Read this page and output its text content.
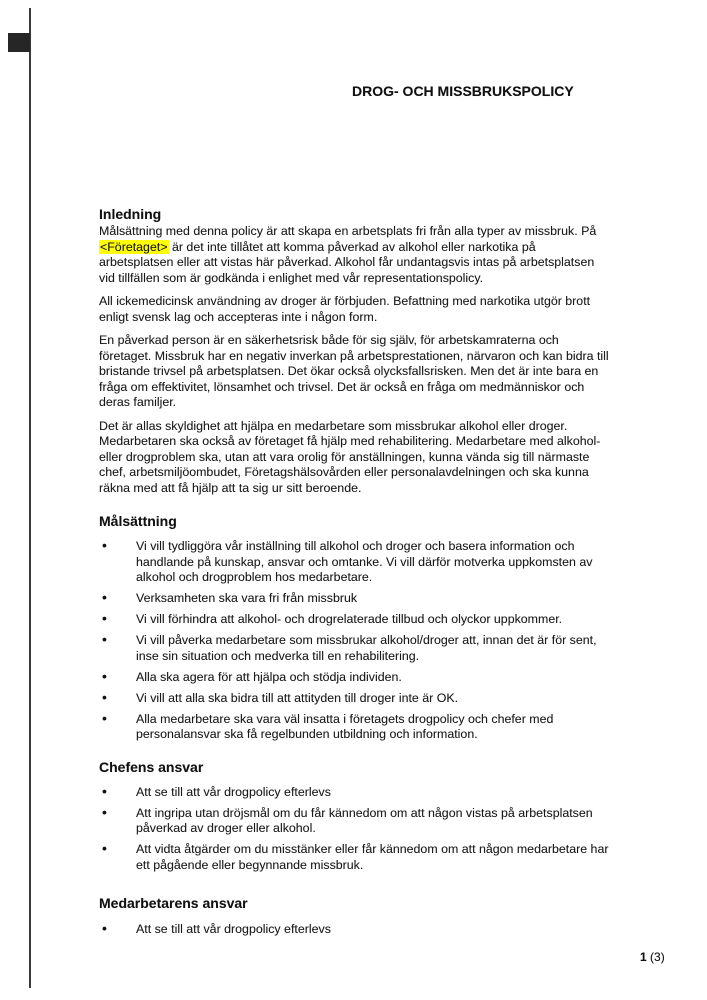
DROG- OCH MISSBRUKSPOLICY
Inledning

Målsättning med denna policy är att skapa en arbetsplats fri från alla typer av missbruk. På <Företaget> är det inte tillåtet att komma påverkad av alkohol eller narkotika på arbetsplatsen eller att vistas här påverkad. Alkohol får undantagsvis intas på arbetsplatsen vid tillfällen som är godkända i enlighet med vår representationspolicy.

All ickemedicinsk användning av droger är förbjuden. Befattning med narkotika utgör brott enligt svensk lag och accepteras inte i någon form.

En påverkad person är en säkerhetsrisk både för sig själv, för arbetskamraterna och företaget. Missbruk har en negativ inverkan på arbetsprestationen, närvaron och kan bidra till bristande trivsel på arbetsplatsen. Det ökar också olycksfallsrisken. Men det är inte bara en fråga om effektivitet, lönsamhet och trivsel. Det är också en fråga om medmänniskor och deras familjer.

Det är allas skyldighet att hjälpa en medarbetare som missbrukar alkohol eller droger. Medarbetaren ska också av företaget få hjälp med rehabilitering. Medarbetare med alkohol- eller drogproblem ska, utan att vara orolig för anställningen, kunna vända sig till närmaste chef, arbetsmiljöombudet, Företagshälsovården eller personalavdelningen och ska kunna räkna med att få hjälp att ta sig ur sitt beroende.

Målsättning
• Vi vill tydliggöra vår inställning till alkohol och droger och basera information och handlande på kunskap, ansvar och omtanke. Vi vill därför motverka uppkomsten av alkohol och drogproblem hos medarbetare.
• Verksamheten ska vara fri från missbruk
• Vi vill förhindra att alkohol- och drogrelaterade tillbud och olyckor uppkommer.
• Vi vill påverka medarbetare som missbrukar alkohol/droger att, innan det är för sent, inse sin situation och medverka till en rehabilitering.
• Alla ska agera för att hjälpa och stödja individen.
• Vi vill att alla ska bidra till att attityden till droger inte är OK.
• Alla medarbetare ska vara väl insatta i företagets drogpolicy och chefer med personalansvar ska få regelbunden utbildning och information.
Chefens ansvar
• Att se till att vår drogpolicy efterlevs
• Att ingripa utan dröjsmål om du får kännedom om att någon vistas på arbetsplatsen påverkad av droger eller alkohol.
• Att vidta åtgärder om du misstänker eller får kännedom om att någon medarbetare har ett pågående eller begynnande missbruk.
Medarbetarens ansvar
• Att se till att vår drogpolicy efterlevs
1 (3)
